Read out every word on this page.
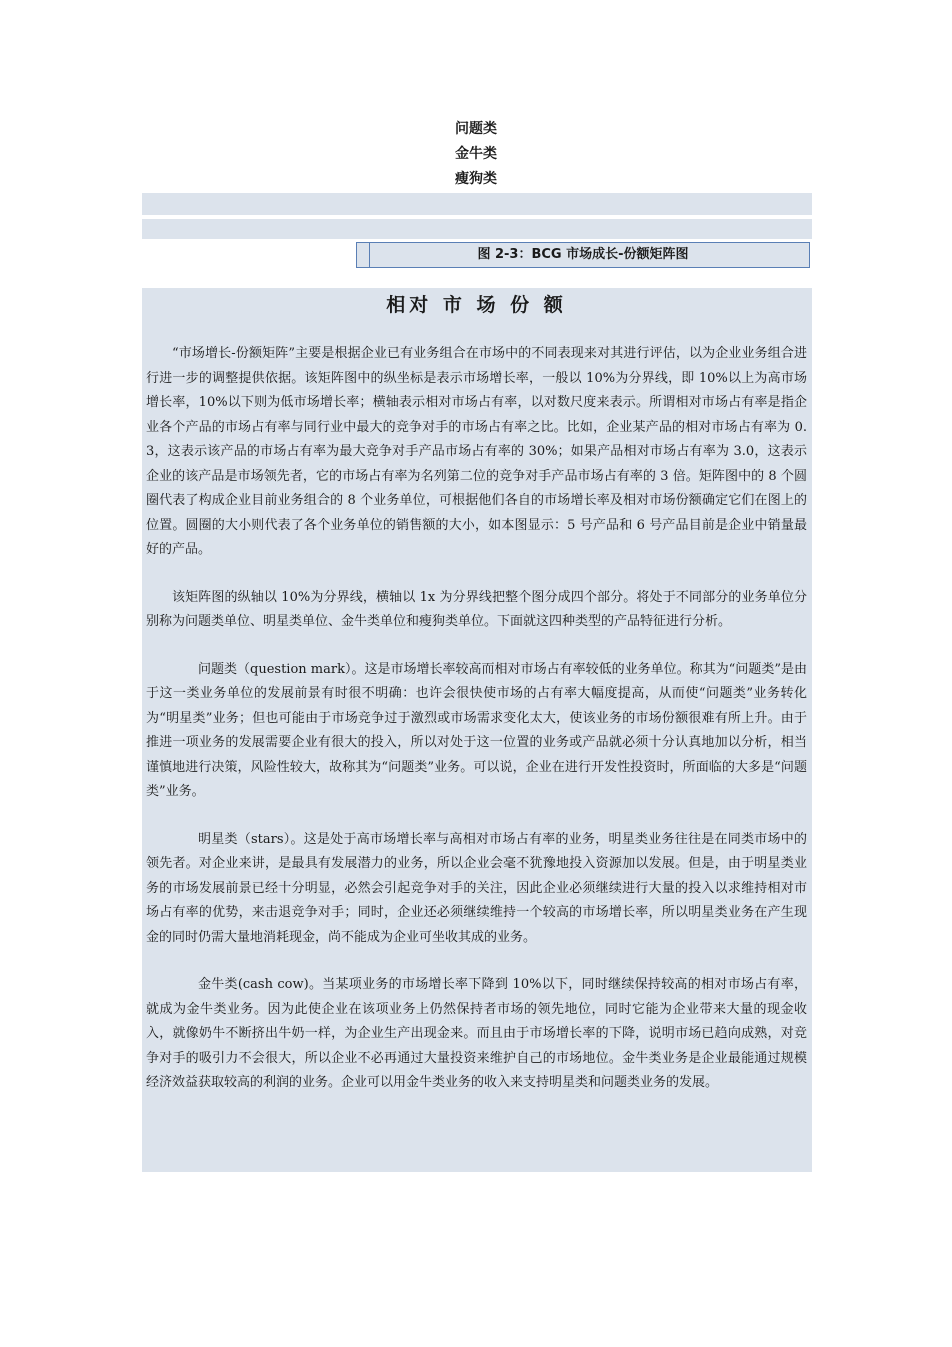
问题类
金牛类
瘦狗类
图 2-3：BCG 市场成长-份额矩阵图
相对 市 场 份 额

“市场增长-份额矩阵”主要是根据企业已有业务组合在市场中的不同表现来对其进行评估，以为企业业务组合进行进一步的调整提供依据。该矩阵图中的纵坐标是表示市场增长率，一般以 10%为分界线，即 10%以上为高市场增长率，10%以下则为低市场增长率；横轴表示相对市场占有率，以对数尺度来表示。所谓相对市场占有率是指企业各个产品的市场占有率与同行业中最大的竞争对手的市场占有率之比。比如，企业某产品的相对市场占有率为 0.3，这表示该产品的市场占有率为最大竞争对手产品市场占有率的 30%；如果产品相对市场占有率为 3.0，这表示企业的该产品是市场领先者，它的市场占有率为名列第二位的竞争对手产品市场占有率的 3 倍。矩阵图中的 8 个圆圈代表了构成企业目前业务组合的 8 个业务单位，可根据他们各自的市场增长率及相对市场份额确定它们在图上的位置。圆圈的大小则代表了各个业务单位的销售额的大小，如本图显示：5 号产品和 6 号产品目前是企业中销量最好的产品。

该矩阵图的纵轴以 10%为分界线，横轴以 1x 为分界线把整个图分成四个部分。将处于不同部分的业务单位分别称为问题类单位、明星类单位、金牛类单位和瘦狗类单位。下面就这四种类型的产品特征进行分析。

问题类（question mark）。这是市场增长率较高而相对市场占有率较低的业务单位。称其为“问题类”是由于这一类业务单位的发展前景有时很不明确：也许会很快使市场的占有率大幅度提高，从而使“问题类”业务转化为“明星类”业务；但也可能由于市场竞争过于激烈或市场需求变化太大，使该业务的市场份额很难有所上升。由于推进一项业务的发展需要企业有很大的投入，所以对处于这一位置的业务或产品就必须十分认真地加以分析，相当谨慎地进行决策，风险性较大，故称其为“问题类”业务。可以说，企业在进行开发性投资时，所面临的大多是“问题类”业务。

明星类（stars）。这是处于高市场增长率与高相对市场占有率的业务，明星类业务往往是在同类市场中的领先者。对企业来讲，是最具有发展潜力的业务，所以企业会毫不犹豫地投入资源加以发展。但是，由于明星类业务的市场发展前景已经十分明显，必然会引起竞争对手的关注，因此企业必须继续进行大量的投入以求维持相对市场占有率的优势，来击退竞争对手；同时，企业还必须继续维持一个较高的市场增长率，所以明星类业务在产生现金的同时仍需大量地消耗现金，尚不能成为企业可坐收其成的业务。

金牛类(cash cow)。当某项业务的市场增长率下降到 10%以下，同时继续保持较高的相对市场占有率，就成为金牛类业务。因为此使企业在该项业务上仍然保持者市场的领先地位，同时它能为企业带来大量的现金收入，就像奶牛不断挤出牛奶一样，为企业生产出现金来。而且由于市场增长率的下降，说明市场已趋向成熟，对竞争对手的吸引力不会很大，所以企业不必再通过大量投资来维护自己的市场地位。金牛类业务是企业最能通过规模经济效益获取较高的利润的业务。企业可以用金牛类业务的收入来支持明星类和问题类业务的发展。
